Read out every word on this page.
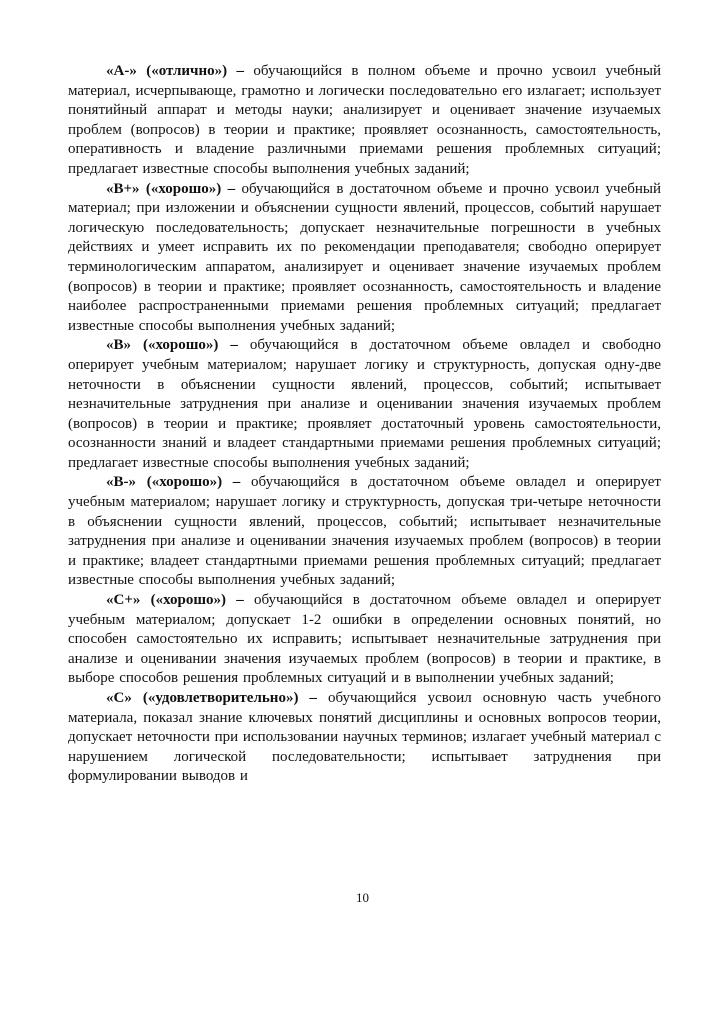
«А-» («отлично») – обучающийся в полном объеме и прочно усвоил учебный материал, исчерпывающе, грамотно и логически последовательно его излагает; использует понятийный аппарат и методы науки; анализирует и оценивает значение изучаемых проблем (вопросов) в теории и практике; проявляет осознанность, самостоятельность, оперативность и владение различными приемами решения проблемных ситуаций; предлагает известные способы выполнения учебных заданий;

«В+» («хорошо») – обучающийся в достаточном объеме и прочно усвоил учебный материал; при изложении и объяснении сущности явлений, процессов, событий нарушает логическую последовательность; допускает незначительные погрешности в учебных действиях и умеет исправить их по рекомендации преподавателя; свободно оперирует терминологическим аппаратом, анализирует и оценивает значение изучаемых проблем (вопросов) в теории и практике; проявляет осознанность, самостоятельность и владение наиболее распространенными приемами решения проблемных ситуаций; предлагает известные способы выполнения учебных заданий;

«В» («хорошо») – обучающийся в достаточном объеме овладел и свободно оперирует учебным материалом; нарушает логику и структурность, допуская одну-две неточности в объяснении сущности явлений, процессов, событий; испытывает незначительные затруднения при анализе и оценивании значения изучаемых проблем (вопросов) в теории и практике; проявляет достаточный уровень самостоятельности, осознанности знаний и владеет стандартными приемами решения проблемных ситуаций; предлагает известные способы выполнения учебных заданий;

«В-» («хорошо») – обучающийся в достаточном объеме овладел и оперирует учебным материалом; нарушает логику и структурность, допуская три-четыре неточности в объяснении сущности явлений, процессов, событий; испытывает незначительные затруднения при анализе и оценивании значения изучаемых проблем (вопросов) в теории и практике; владеет стандартными приемами решения проблемных ситуаций; предлагает известные способы выполнения учебных заданий;

«С+» («хорошо») – обучающийся в достаточном объеме овладел и оперирует учебным материалом; допускает 1-2 ошибки в определении основных понятий, но способен самостоятельно их исправить; испытывает незначительные затруднения при анализе и оценивании значения изучаемых проблем (вопросов) в теории и практике, в выборе способов решения проблемных ситуаций и в выполнении учебных заданий;

«С» («удовлетворительно») – обучающийся усвоил основную часть учебного материала, показал знание ключевых понятий дисциплины и основных вопросов теории, допускает неточности при использовании научных терминов; излагает учебный материал с нарушением логической последовательности; испытывает затруднения при формулировании выводов и

10
